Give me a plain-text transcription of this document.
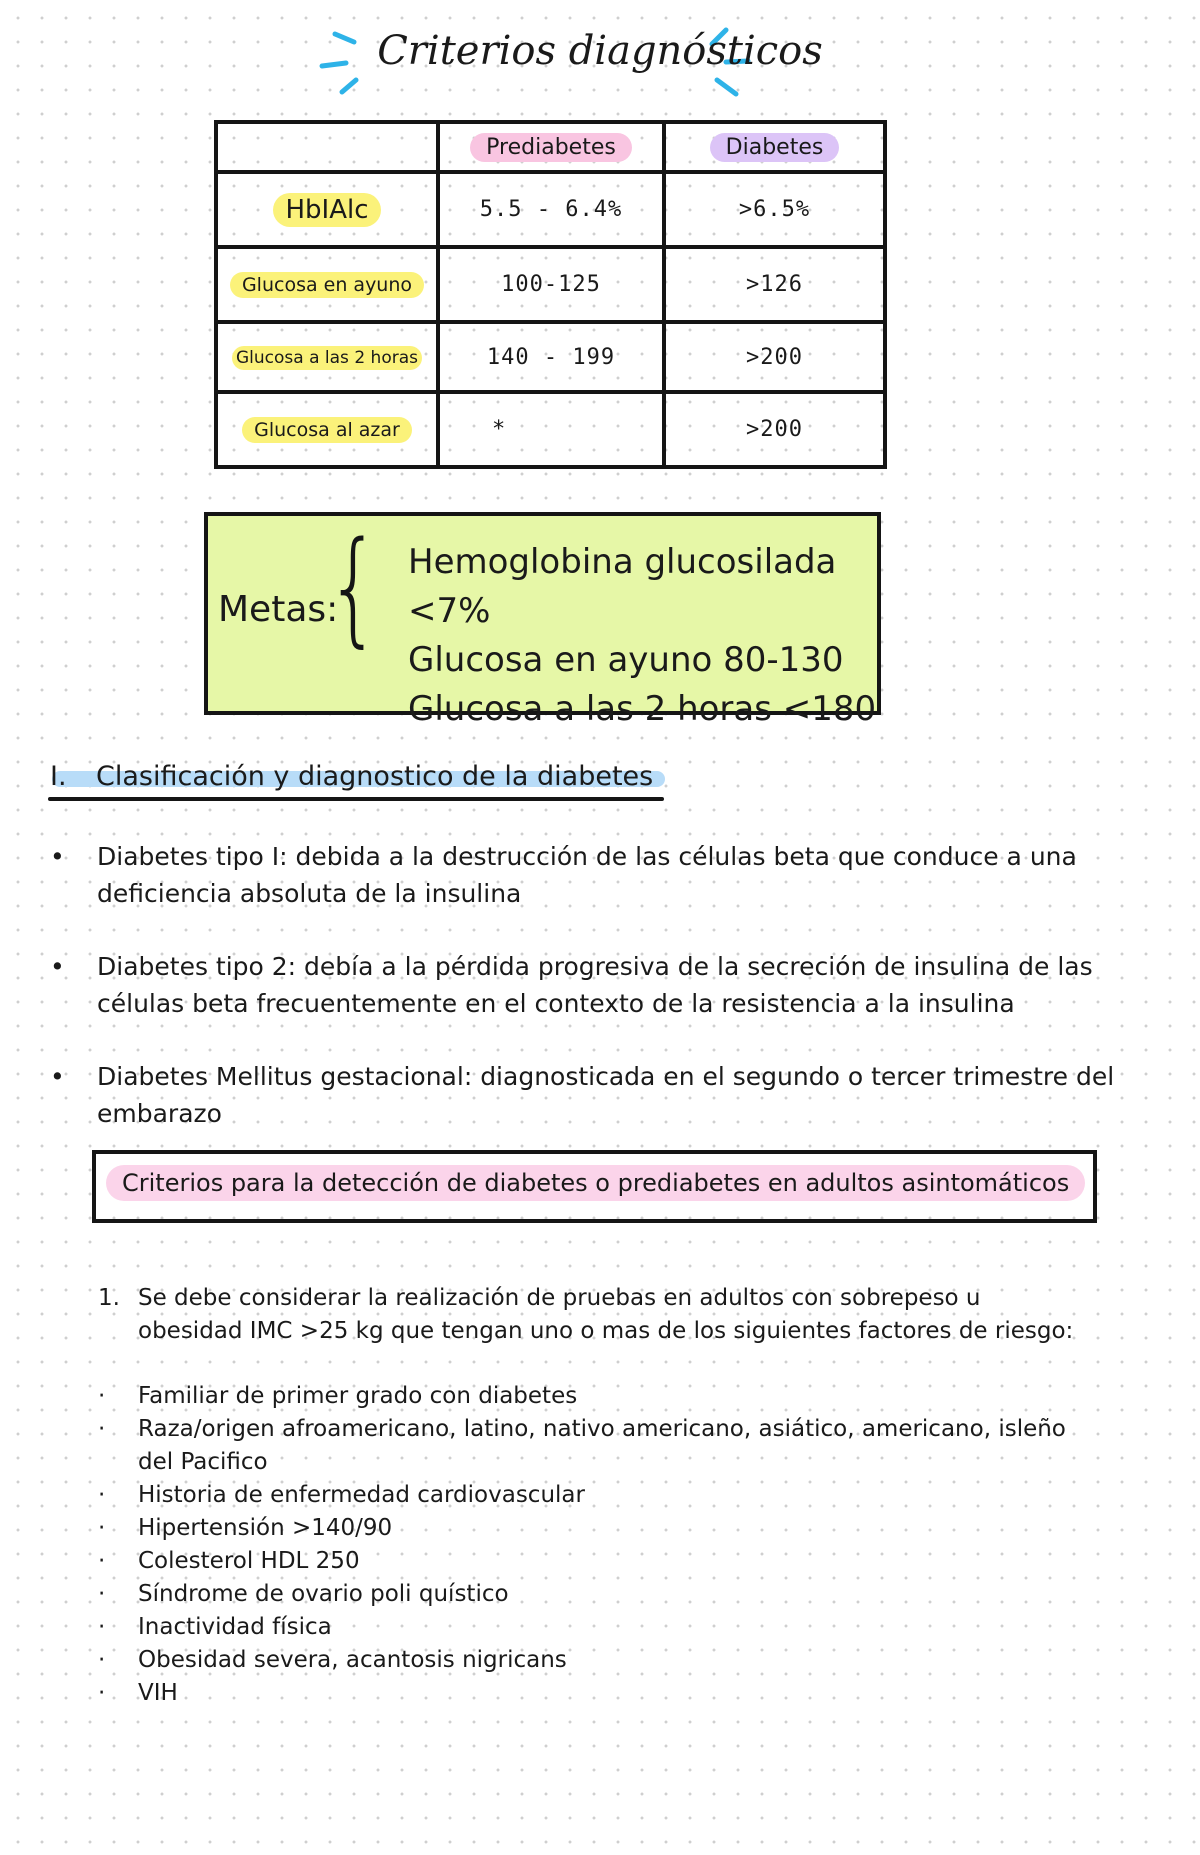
Criterios diagnósticos
	Prediabetes	Diabetes
HbIAlc	5.5 - 6.4%	>6.5%
Glucosa en ayuno	100-125	>126
Glucosa a las 2 horas	140 - 199	>200
Glucosa al azar	*	>200
Metas:
{ Hemoglobina glucosilada <7%
Glucosa en ayuno 80-130
Glucosa a las 2 horas <180
I. Clasificación y diagnostico de la diabetes
• Diabetes tipo I: debida a la destrucción de las células beta que conduce a una deficiencia absoluta de la insulina
• Diabetes tipo 2: debía a la pérdida progresiva de la secreción de insulina de las células beta frecuentemente en el contexto de la resistencia a la insulina
• Diabetes Mellitus gestacional: diagnosticada en el segundo o tercer trimestre del embarazo
Criterios para la detección de diabetes o prediabetes en adultos asintomáticos
1. Se debe considerar la realización de pruebas en adultos con sobrepeso u obesidad IMC >25 kg que tengan uno o mas de los siguientes factores de riesgo:
· Familiar de primer grado con diabetes
· Raza/origen afroamericano, latino, nativo americano, asiático, americano, isleño del Pacifico
· Historia de enfermedad cardiovascular
· Hipertensión >140/90
· Colesterol HDL 250
· Síndrome de ovario poli quístico
· Inactividad física
· Obesidad severa, acantosis nigricans
· VIH
